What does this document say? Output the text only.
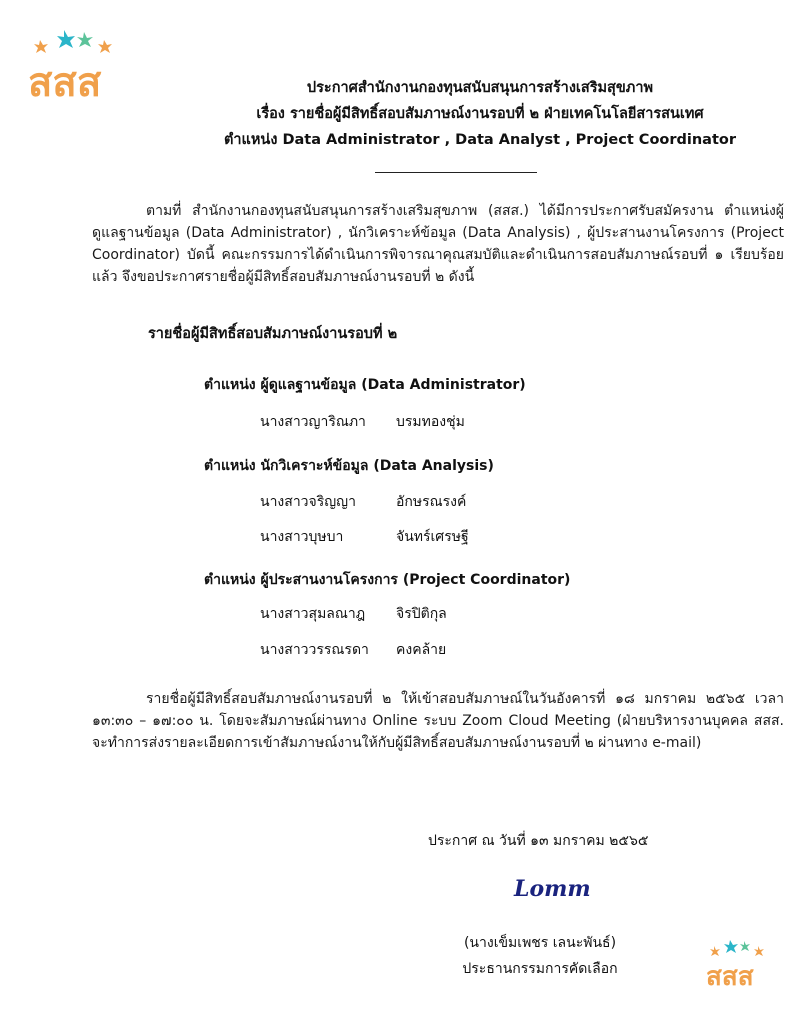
สสส	ประกาศสำนักงานกองทุนสนับสนุนการสร้างเสริมสุขภาพ
เรื่อง รายชื่อผู้มีสิทธิ์สอบสัมภาษณ์งานรอบที่ ๒ ฝ่ายเทคโนโลยีสารสนเทศ
ตำแหน่ง Data Administrator , Data Analyst , Project Coordinator
ตามที่ สำนักงานกองทุนสนับสนุนการสร้างเสริมสุขภาพ (สสส.) ได้มีการประกาศรับสมัครงาน ตำแหน่งผู้ดูแลฐานข้อมูล (Data Administrator) , นักวิเคราะห์ข้อมูล (Data Analysis) , ผู้ประสานงานโครงการ (Project Coordinator) บัดนี้ คณะกรรมการได้ดำเนินการพิจารณาคุณสมบัติและดำเนินการสอบสัมภาษณ์รอบที่ ๑ เรียบร้อยแล้ว จึงขอประกาศรายชื่อผู้มีสิทธิ์สอบสัมภาษณ์งานรอบที่ ๒ ดังนี้
รายชื่อผู้มีสิทธิ์สอบสัมภาษณ์งานรอบที่ ๒
ตำแหน่ง ผู้ดูแลฐานข้อมูล (Data Administrator)
นางสาวญาริณภา บรมทองชุ่ม
ตำแหน่ง นักวิเคราะห์ข้อมูล (Data Analysis)
นางสาวจริญญา	อักษรณรงค์
นางสาวบุษบา	จันทร์เศรษฐี
ตำแหน่ง ผู้ประสานงานโครงการ (Project Coordinator)
นางสาวสุมลณาฎ จิรปิติกุล
นางสาววรรณรดา คงคล้าย
รายชื่อผู้มีสิทธิ์สอบสัมภาษณ์งานรอบที่ ๒ ให้เข้าสอบสัมภาษณ์ในวันอังคารที่ ๑๘ มกราคม ๒๕๖๕ เวลา ๑๓:๓๐ – ๑๗:๐๐ น. โดยจะสัมภาษณ์ผ่านทาง Online ระบบ Zoom Cloud Meeting (ฝ่ายบริหารงานบุคคล สสส. จะทำการส่งรายละเอียดการเข้าสัมภาษณ์งานให้กับผู้มีสิทธิ์สอบสัมภาษณ์งานรอบที่ ๒ ผ่านทาง e-mail)
ประกาศ ณ วันที่ ๑๓ มกราคม ๒๕๖๕
Lomm
(นางเข็มเพชร เลนะพันธ์)
ประธานกรรมการคัดเลือก	สสส
